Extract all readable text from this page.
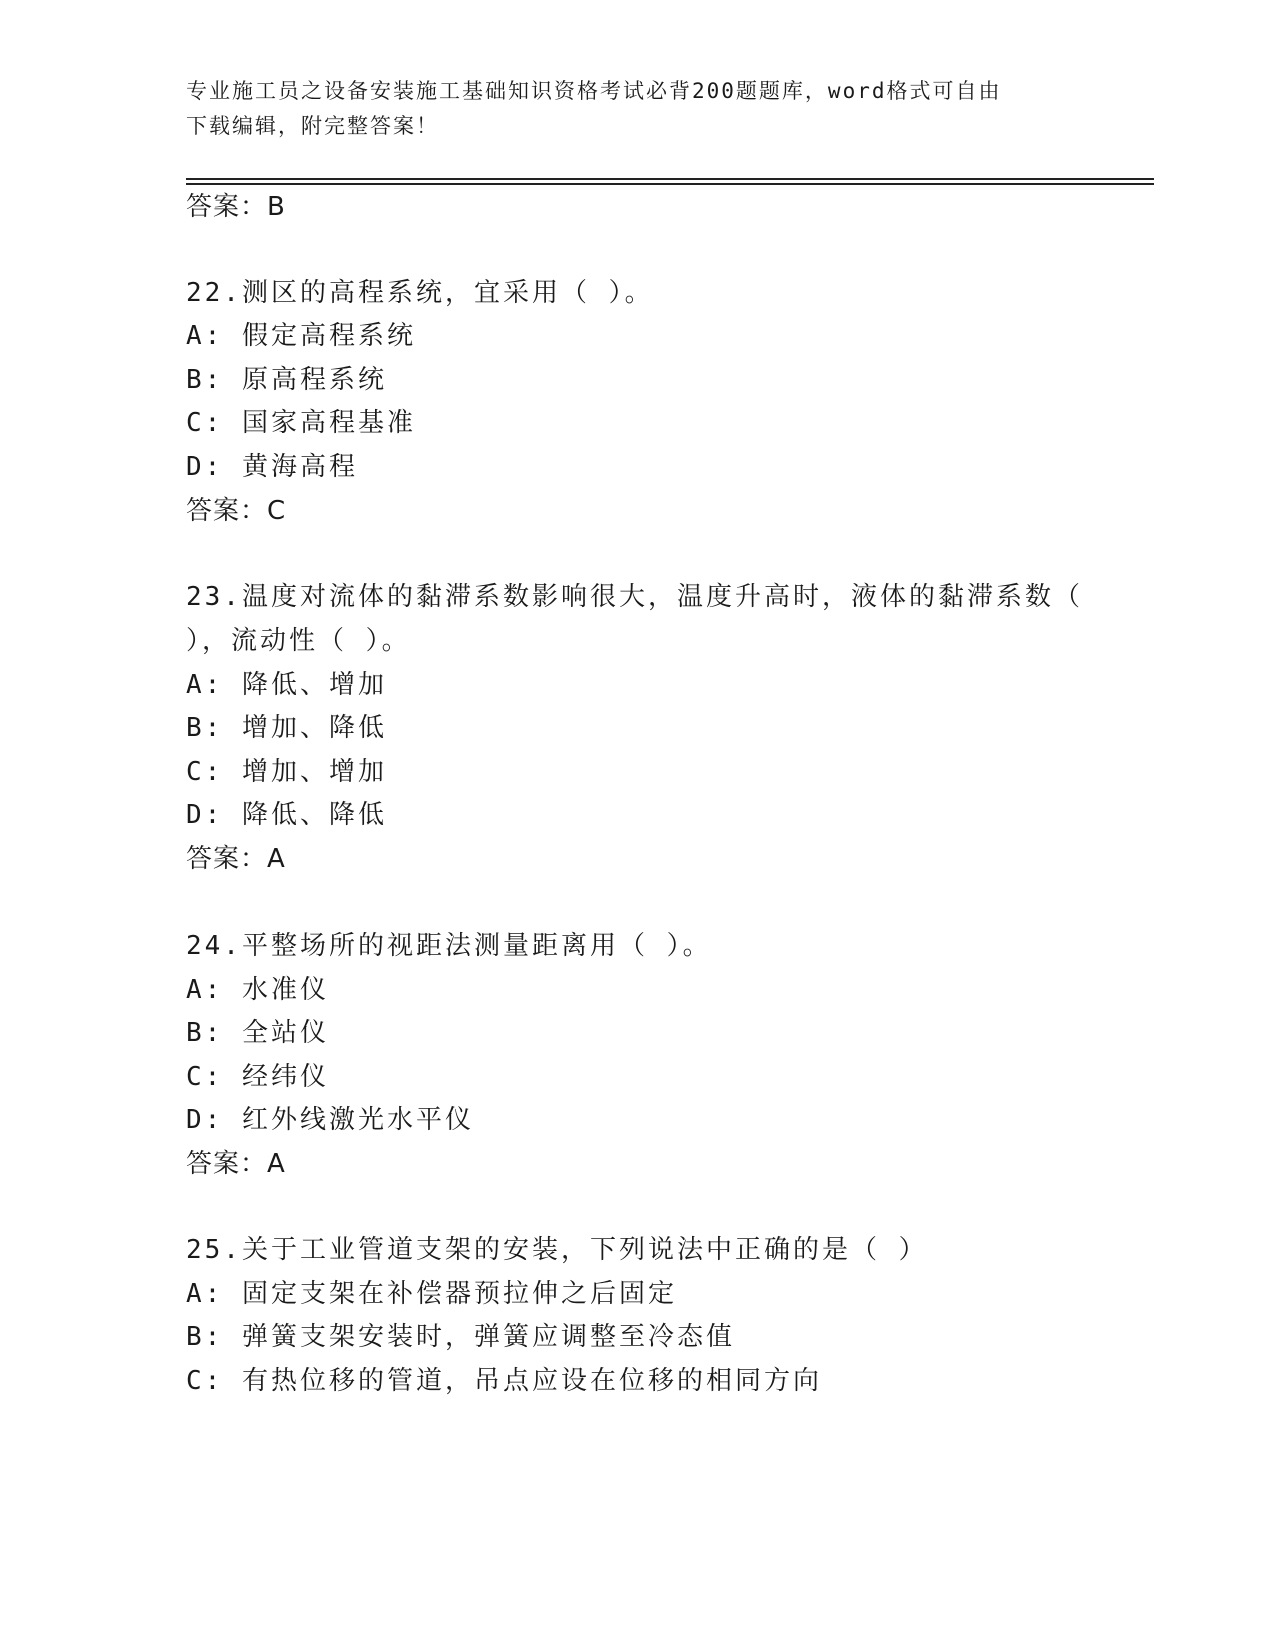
专业施工员之设备安装施工基础知识资格考试必背200题题库，word格式可自由
下载编辑，附完整答案！
答案：B
22.测区的高程系统，宜采用（ ）。
A: 假定高程系统
B: 原高程系统
C: 国家高程基准
D: 黄海高程
答案：C
23.温度对流体的黏滞系数影响很大，温度升高时，液体的黏滞系数（
），流动性（ ）。
A: 降低、增加
B: 增加、降低
C: 增加、增加
D: 降低、降低
答案：A
24.平整场所的视距法测量距离用（ ）。
A: 水准仪
B: 全站仪
C: 经纬仪
D: 红外线激光水平仪
答案：A
25.关于工业管道支架的安装，下列说法中正确的是（ ）
A: 固定支架在补偿器预拉伸之后固定
B: 弹簧支架安装时，弹簧应调整至冷态值
C: 有热位移的管道，吊点应设在位移的相同方向
